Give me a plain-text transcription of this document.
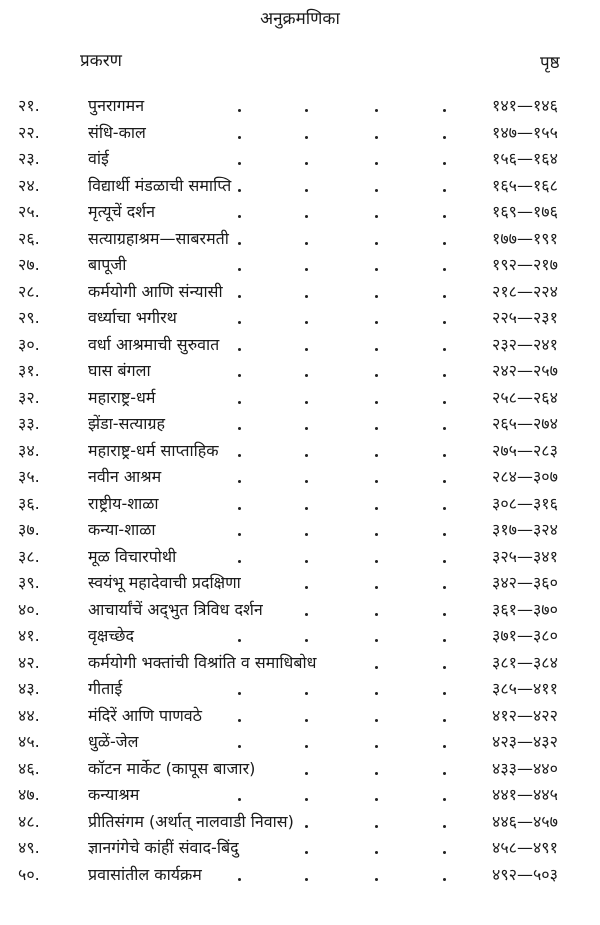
अनुक्रमणिका
प्रकरण	पृष्ठ
२१.	पुनरागमन	१४१—१४६
२२.	संधि-काल	१४७—१५५
२३.	वांई	१५६—१६४
२४.	विद्यार्थी मंडळाची समाप्ति	१६५—१६८
२५.	मृत्यूचें दर्शन	१६९—१७६
२६.	सत्याग्रहाश्रम—साबरमती	१७७—१९१
२७.	बापूजी	१९२—२१७
२८.	कर्मयोगी आणि संन्यासी	२१८—२२४
२९.	वर्ध्याचा भगीरथ	२२५—२३१
३०.	वर्धा आश्रमाची सुरुवात	२३२—२४१
३१.	घास बंगला	२४२—२५७
३२.	महाराष्ट्र-धर्म	२५८—२६४
३३.	झेंडा-सत्याग्रह	२६५—२७४
३४.	महाराष्ट्र-धर्म साप्ताहिक	२७५—२८३
३५.	नवीन आश्रम	२८४—३०७
३६.	राष्ट्रीय-शाळा	३०८—३१६
३७.	कन्या-शाळा	३१७—३२४
३८.	मूळ विचारपोथी	३२५—३४१
३९.	स्वयंभू महादेवाची प्रदक्षिणा	३४२—३६०
४०.	आचार्यांचें अद्‌भुत त्रिविध दर्शन	३६१—३७०
४१.	वृक्षच्छेद	३७१—३८०
४२.	कर्मयोगी भक्तांची विश्रांति व समाधिबोध	३८१—३८४
४३.	गीताई	३८५—४११
४४.	मंदिरें आणि पाणवठे	४१२—४२२
४५.	धुळें-जेल	४२३—४३२
४६.	कॉटन मार्केट (कापूस बाजार)	४३३—४४०
४७.	कन्याश्रम	४४१—४४५
४८.	प्रीतिसंगम (अर्थात् नालवाडी निवास)	४४६—४५७
४९.	ज्ञानगंगेचे कांहीं संवाद-बिंदु	४५८—४९१
५०.	प्रवासांतील कार्यक्रम	४९२—५०३
